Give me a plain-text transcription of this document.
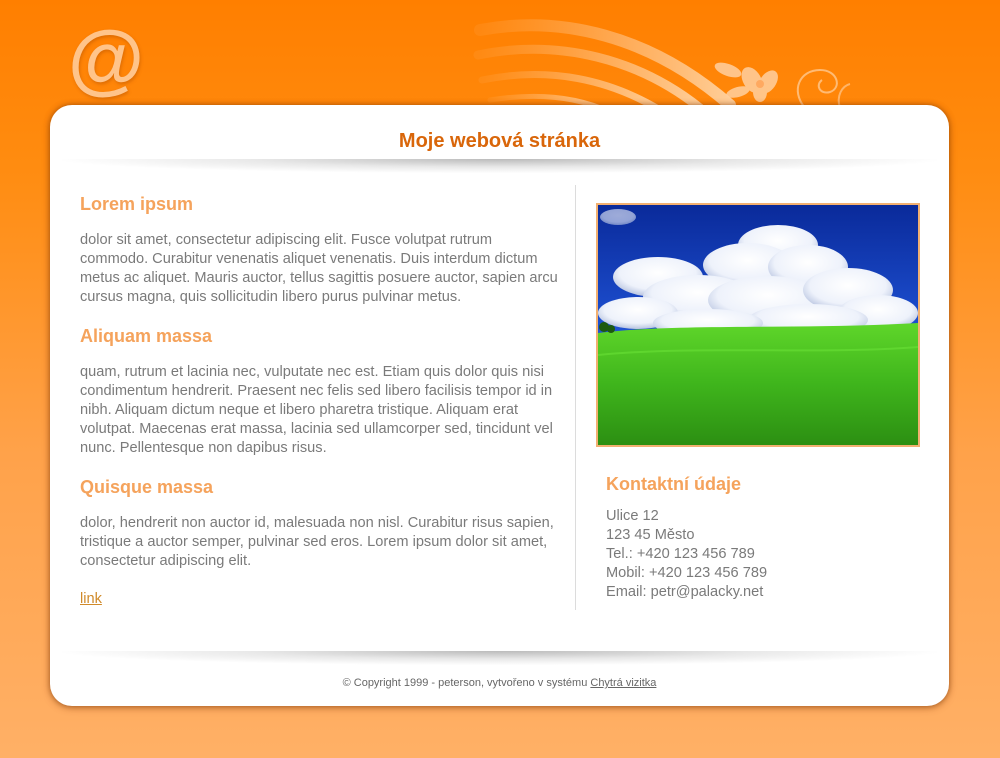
@
Moje webová stránka
Lorem ipsum

dolor sit amet, consectetur adipiscing elit. Fusce volutpat rutrum commodo. Curabitur venenatis aliquet venenatis. Duis interdum dictum metus ac aliquet. Mauris auctor, tellus sagittis posuere auctor, sapien arcu cursus magna, quis sollicitudin libero purus pulvinar metus.

Aliquam massa

quam, rutrum et lacinia nec, vulputate nec est. Etiam quis dolor quis nisi condimentum hendrerit. Praesent nec felis sed libero facilisis tempor id in nibh. Aliquam dictum neque et libero pharetra tristique. Aliquam erat volutpat. Maecenas erat massa, lacinia sed ullamcorper sed, tincidunt vel nunc. Pellentesque non dapibus risus.

Quisque massa

dolor, hendrerit non auctor id, malesuada non nisl. Curabitur risus sapien, tristique a auctor semper, pulvinar sed eros. Lorem ipsum dolor sit amet, consectetur adipiscing elit.

link
Kontaktní údaje

Ulice 12

123 45 Město

Tel.: +420 123 456 789

Mobil: +420 123 456 789

Email: petr@palacky.net

© Copyright 1999 - peterson, vytvořeno v systému Chytrá vizitka
